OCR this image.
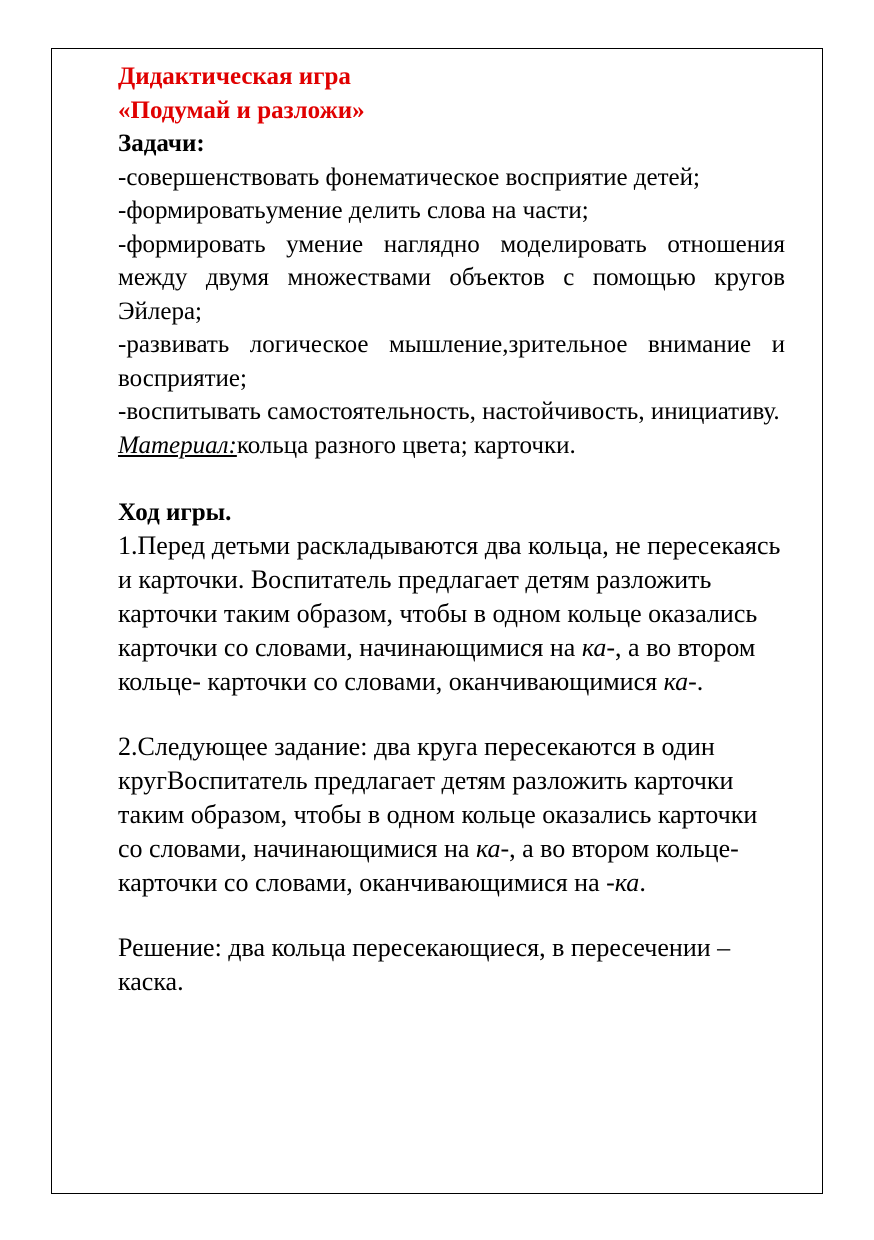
Дидактическая игра

«Подумай и разложи»

Задачи:

-совершенствовать фонематическое восприятие детей;

-формироватьумение делить слова на части;

-формировать умение наглядно моделировать отношения между двумя множествами объектов с помощью кругов Эйлера;

-развивать логическое мышление,зрительное внимание и восприятие;

-воспитывать самостоятельность, настойчивость, инициативу.

Материал:кольца разного цвета; карточки.

Ход игры.

1.Перед детьми раскладываются два кольца, не пересекаясь и карточки. Воспитатель предлагает детям разложить карточки таким образом, чтобы в одном кольце оказались карточки со словами, начинающимися на ка-, а во втором кольце- карточки со словами, оканчивающимися ка-.

2.Следующее задание: два круга пересекаются в один кругВоспитатель предлагает детям разложить карточки таким образом, чтобы в одном кольце оказались карточки со словами, начинающимися на ка-, а во втором кольце- карточки со словами, оканчивающимися на -ка.

Решение: два кольца пересекающиеся, в пересечении – каска.
